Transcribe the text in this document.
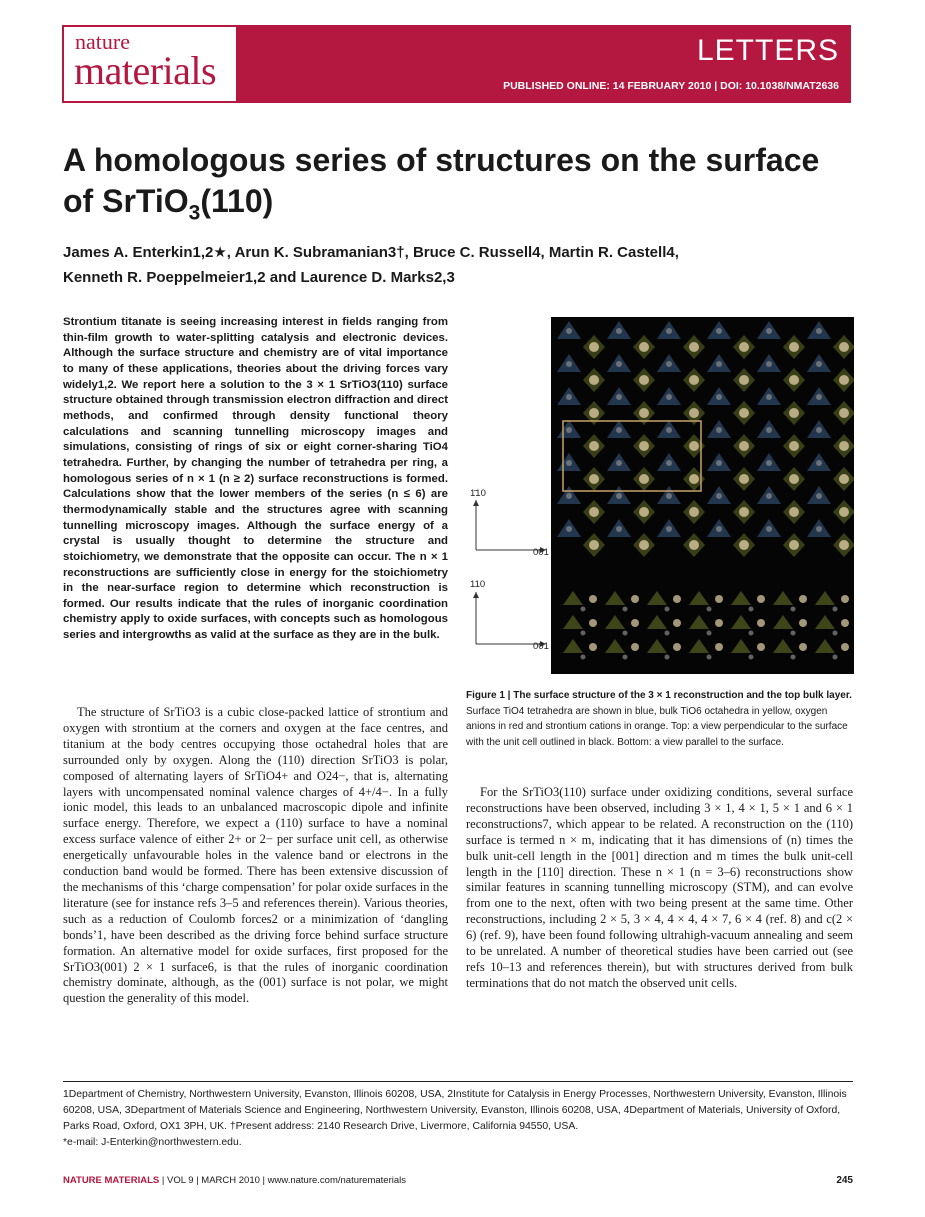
nature
materials	LETTERS
PUBLISHED ONLINE: 14 FEBRUARY 2010 | DOI: 10.1038/NMAT2636
A homologous series of structures on the surface of SrTiO$_3$(110)
James A. Enterkin1,2★, Arun K. Subramanian3†, Bruce C. Russell4, Martin R. Castell4,
Kenneth R. Poeppelmeier1,2 and Laurence D. Marks2,3
Strontium titanate is seeing increasing interest in fields ranging from thin-film growth to water-splitting catalysis and electronic devices. Although the surface structure and chemistry are of vital importance to many of these applications, theories about the driving forces vary widely1,2. We report here a solution to the 3 × 1 SrTiO3(110) surface structure obtained through transmission electron diffraction and direct methods, and confirmed through density functional theory calculations and scanning tunnelling microscopy images and simulations, consisting of rings of six or eight corner-sharing TiO4 tetrahedra. Further, by changing the number of tetrahedra per ring, a homologous series of n × 1 (n ≥ 2) surface reconstructions is formed. Calculations show that the lower members of the series (n ≤ 6) are thermodynamically stable and the structures agree with scanning tunnelling microscopy images. Although the surface energy of a crystal is usually thought to determine the structure and stoichiometry, we demonstrate that the opposite can occur. The n × 1 reconstructions are sufficiently close in energy for the stoichiometry in the near-surface region to determine which reconstruction is formed. Our results indicate that the rules of inorganic coordination chemistry apply to oxide surfaces, with concepts such as homologous series and intergrowths as valid at the surface as they are in the bulk.
The structure of SrTiO3 is a cubic close-packed lattice of strontium and oxygen with strontium at the corners and oxygen at the face centres, and titanium at the body centres occupying those octahedral holes that are surrounded only by oxygen. Along the (110) direction SrTiO3 is polar, composed of alternating layers of SrTiO4+ and O24−, that is, alternating layers with uncompensated nominal valence charges of 4+/4−. In a fully ionic model, this leads to an unbalanced macroscopic dipole and infinite surface energy. Therefore, we expect a (110) surface to have a nominal excess surface valence of either 2+ or 2− per surface unit cell, as otherwise energetically unfavourable holes in the valence band or electrons in the conduction band would be formed. There has been extensive discussion of the mechanisms of this ‘charge compensation’ for polar oxide surfaces in the literature (see for instance refs 3–5 and references therein). Various theories, such as a reduction of Coulomb forces2 or a minimization of ‘dangling bonds’1, have been described as the driving force behind surface structure formation. An alternative model for oxide surfaces, first proposed for the SrTiO3(001) 2 × 1 surface6, is that the rules of inorganic coordination chemistry dominate, although, as the (001) surface is not polar, we might question the generality of this model.
For the SrTiO3(110) surface under oxidizing conditions, several surface reconstructions have been observed, including 3 × 1, 4 × 1, 5 × 1 and 6 × 1 reconstructions7, which appear to be related. A reconstruction on the (110) surface is termed n × m, indicating that it has dimensions of (n) times the bulk unit-cell length in the [001] direction and m times the bulk unit-cell length in the [110] direction. These n × 1 (n = 3–6) reconstructions show similar features in scanning tunnelling microscopy (STM), and can evolve from one to the next, often with two being present at the same time. Other reconstructions, including 2 × 5, 3 × 4, 4 × 4, 4 × 7, 6 × 4 (ref. 8) and c(2 × 6) (ref. 9), have been found following ultrahigh-vacuum annealing and seem to be unrelated. A number of theoretical studies have been carried out (see refs 10–13 and references therein), but with structures derived from bulk terminations that do not match the observed unit cells.
1̄10
001
110
001
Figure 1 | The surface structure of the 3 × 1 reconstruction and the top bulk layer. Surface TiO4 tetrahedra are shown in blue, bulk TiO6 octahedra in yellow, oxygen anions in red and strontium cations in orange. Top: a view perpendicular to the surface with the unit cell outlined in black. Bottom: a view parallel to the surface.
1Department of Chemistry, Northwestern University, Evanston, Illinois 60208, USA, 2Institute for Catalysis in Energy Processes, Northwestern University, Evanston, Illinois 60208, USA, 3Department of Materials Science and Engineering, Northwestern University, Evanston, Illinois 60208, USA, 4Department of Materials, University of Oxford, Parks Road, Oxford, OX1 3PH, UK. †Present address: 2140 Research Drive, Livermore, California 94550, USA.
*e-mail: J-Enterkin@northwestern.edu.
NATURE MATERIALS | VOL 9 | MARCH 2010 | www.nature.com/naturematerials	245
